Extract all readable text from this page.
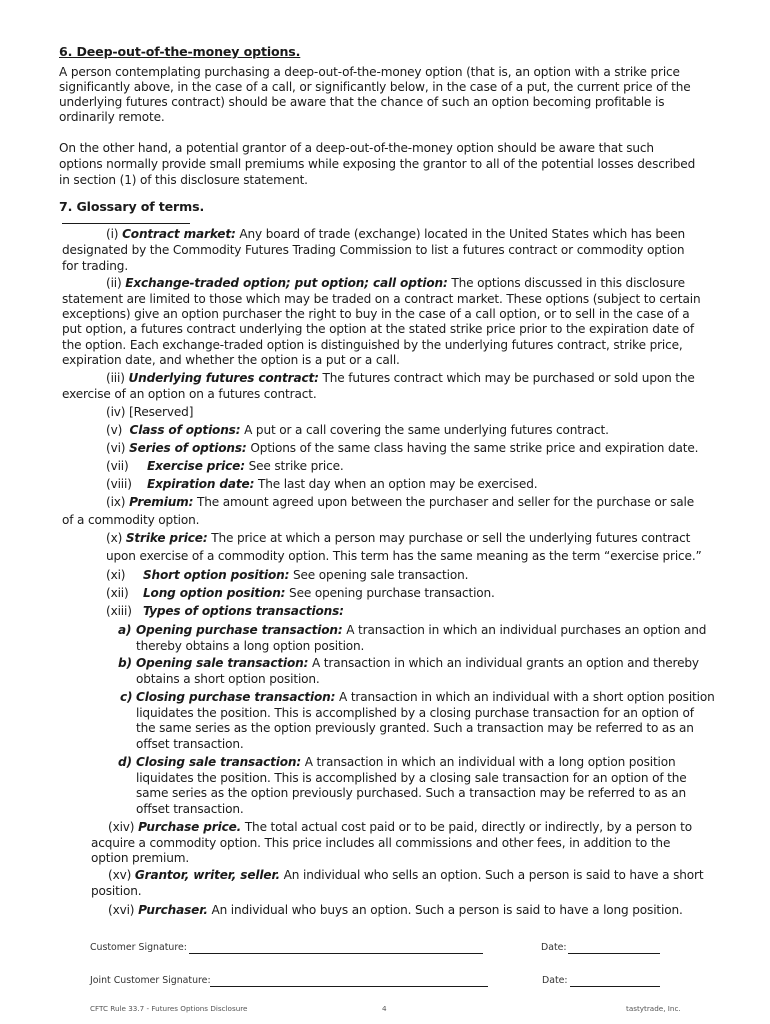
6. Deep-out-of-the-money options.
A person contemplating purchasing a deep-out-of-the-money option (that is, an option with a strike price
significantly above, in the case of a call, or significantly below, in the case of a put, the current price of the
underlying futures contract) should be aware that the chance of such an option becoming profitable is
ordinarily remote.
On the other hand, a potential grantor of a deep-out-of-the-money option should be aware that such
options normally provide small premiums while exposing the grantor to all of the potential losses described
in section (1) of this disclosure statement.
7. Glossary of terms.
(i) Contract market: Any board of trade (exchange) located in the United States which has been
designated by the Commodity Futures Trading Commission to list a futures contract or commodity option
for trading.
(ii) Exchange-traded option; put option; call option: The options discussed in this disclosure
statement are limited to those which may be traded on a contract market. These options (subject to certain
exceptions) give an option purchaser the right to buy in the case of a call option, or to sell in the case of a
put option, a futures contract underlying the option at the stated strike price prior to the expiration date of
the option. Each exchange-traded option is distinguished by the underlying futures contract, strike price,
expiration date, and whether the option is a put or a call.
(iii) Underlying futures contract: The futures contract which may be purchased or sold upon the
exercise of an option on a futures contract.
(iv) [Reserved]
(v) Class of options: A put or a call covering the same underlying futures contract.
(vi) Series of options: Options of the same class having the same strike price and expiration date.
(vii) Exercise price: See strike price.
(viii) Expiration date: The last day when an option may be exercised.
(ix) Premium: The amount agreed upon between the purchaser and seller for the purchase or sale
of a commodity option.
(x) Strike price: The price at which a person may purchase or sell the underlying futures contract
upon exercise of a commodity option. This term has the same meaning as the term “exercise price.”
(xi) Short option position: See opening sale transaction.
(xii) Long option position: See opening purchase transaction.
(xiii) Types of options transactions:
a) Opening purchase transaction: A transaction in which an individual purchases an option and
thereby obtains a long option position.
b) Opening sale transaction: A transaction in which an individual grants an option and thereby
obtains a short option position.
c) Closing purchase transaction: A transaction in which an individual with a short option position
liquidates the position. This is accomplished by a closing purchase transaction for an option of
the same series as the option previously granted. Such a transaction may be referred to as an
offset transaction.
d) Closing sale transaction: A transaction in which an individual with a long option position
liquidates the position. This is accomplished by a closing sale transaction for an option of the
same series as the option previously purchased. Such a transaction may be referred to as an
offset transaction.
(xiv) Purchase price. The total actual cost paid or to be paid, directly or indirectly, by a person to
acquire a commodity option. This price includes all commissions and other fees, in addition to the
option premium.
(xv) Grantor, writer, seller. An individual who sells an option. Such a person is said to have a short
position.
(xvi) Purchaser. An individual who buys an option. Such a person is said to have a long position.
Customer Signature:	Date:
Joint Customer Signature:	Date:
CFTC Rule 33.7 - Futures Options Disclosure	4	tastytrade, Inc.
